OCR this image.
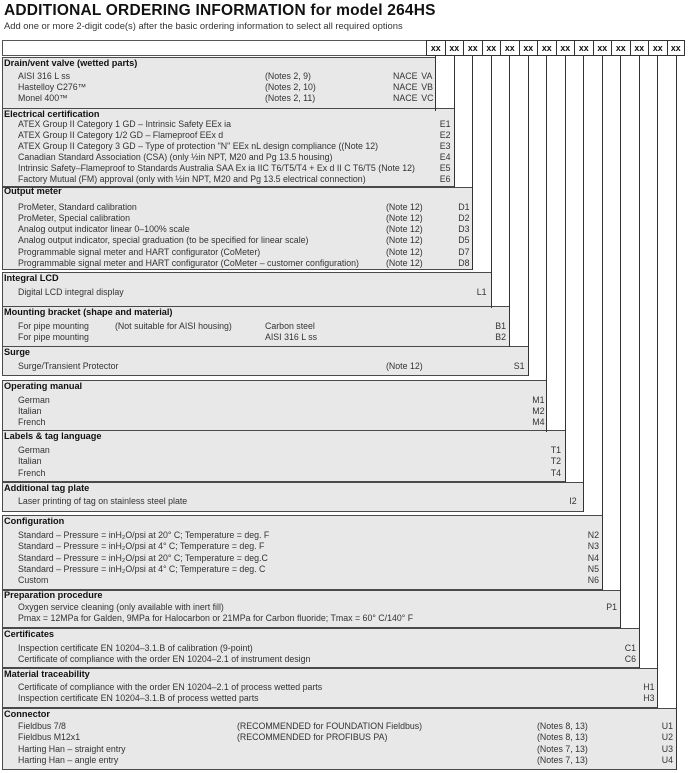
ADDITIONAL ORDERING INFORMATION for model 264HS
Add one or more 2-digit code(s) after the basic ordering information to select all required options
xx xx xx xx xx xx xx xx xx xx xx xx xx xx
Drain/vent valve (wetted parts)
AISI 316 L ss	(Notes 2, 9)	NACE VA
Hastelloy C276™	(Notes 2, 10)	NACE VB
Monel 400™	(Notes 2, 11)	NACE VC
Electrical certification
ATEX Group II Category 1 GD – Intrinsic Safety EEx ia	E1
ATEX Group II Category 1/2 GD – Flameproof EEx d	E2
ATEX Group II Category 3 GD – Type of protection "N" EEx nL design compliance ((Note 12)	E3
Canadian Standard Association (CSA) (only ½in NPT, M20 and Pg 13.5 housing)	E4
Intrinsic Safety–Flameproof to Standards Australia SAA Ex ia IIC T6/T5/T4 + Ex d II C T6/T5 (Note 12)	E5
Factory Mutual (FM) approval (only with ½in NPT, M20 and Pg 13.5 electrical connection)	E6
Output meter
ProMeter, Standard calibration	(Note 12)	D1
ProMeter, Special calibration	(Note 12)	D2
Analog output indicator linear 0–100% scale	(Note 12)	D3
Analog output indicator, special graduation (to be specified for linear scale)	(Note 12)	D5
Programmable signal meter and HART configurator (CoMeter)	(Note 12)	D7
Programmable signal meter and HART configurator (CoMeter – customer configuration)	(Note 12)	D8
Integral LCD
Digital LCD integral display	L1
Mounting bracket (shape and material)
For pipe mounting	(Not suitable for AISI housing)	Carbon steel	B1
For pipe mounting	AISI 316 L ss	B2
Surge
Surge/Transient Protector	(Note 12)	S1
Operating manual
German	M1
Italian	M2
French	M4
Labels & tag language
German	T1
Italian	T2
French	T4
Additional tag plate
Laser printing of tag on stainless steel plate	I2
Configuration
Standard – Pressure = inH₂O/psi at 20° C; Temperature = deg. F	N2
Standard – Pressure = inH₂O/psi at 4° C; Temperature = deg. F	N3
Standard – Pressure = inH₂O/psi at 20° C; Temperature = deg.C	N4
Standard – Pressure = inH₂O/psi at 4° C; Temperature = deg. C	N5
Custom	N6
Preparation procedure
Oxygen service cleaning (only available with inert fill)	P1
Pmax = 12MPa for Galden, 9MPa for Halocarbon or 21MPa for Carbon fluoride; Tmax = 60° C/140° F
Certificates
Inspection certificate EN 10204–3.1.B of calibration (9-point)	C1
Certificate of compliance with the order EN 10204–2.1 of instrument design	C6
Material traceability
Certificate of compliance with the order EN 10204–2.1 of process wetted parts	H1
Inspection certificate EN 10204–3.1.B of process wetted parts	H3
Connector
Fieldbus 7/8	(RECOMMENDED for FOUNDATION Fieldbus)	(Notes 8, 13)	U1
Fieldbus M12x1	(RECOMMENDED for PROFIBUS PA)	(Notes 8, 13)	U2
Harting Han – straight entry	(Notes 7, 13)	U3
Harting Han – angle entry	(Notes 7, 13)	U4
